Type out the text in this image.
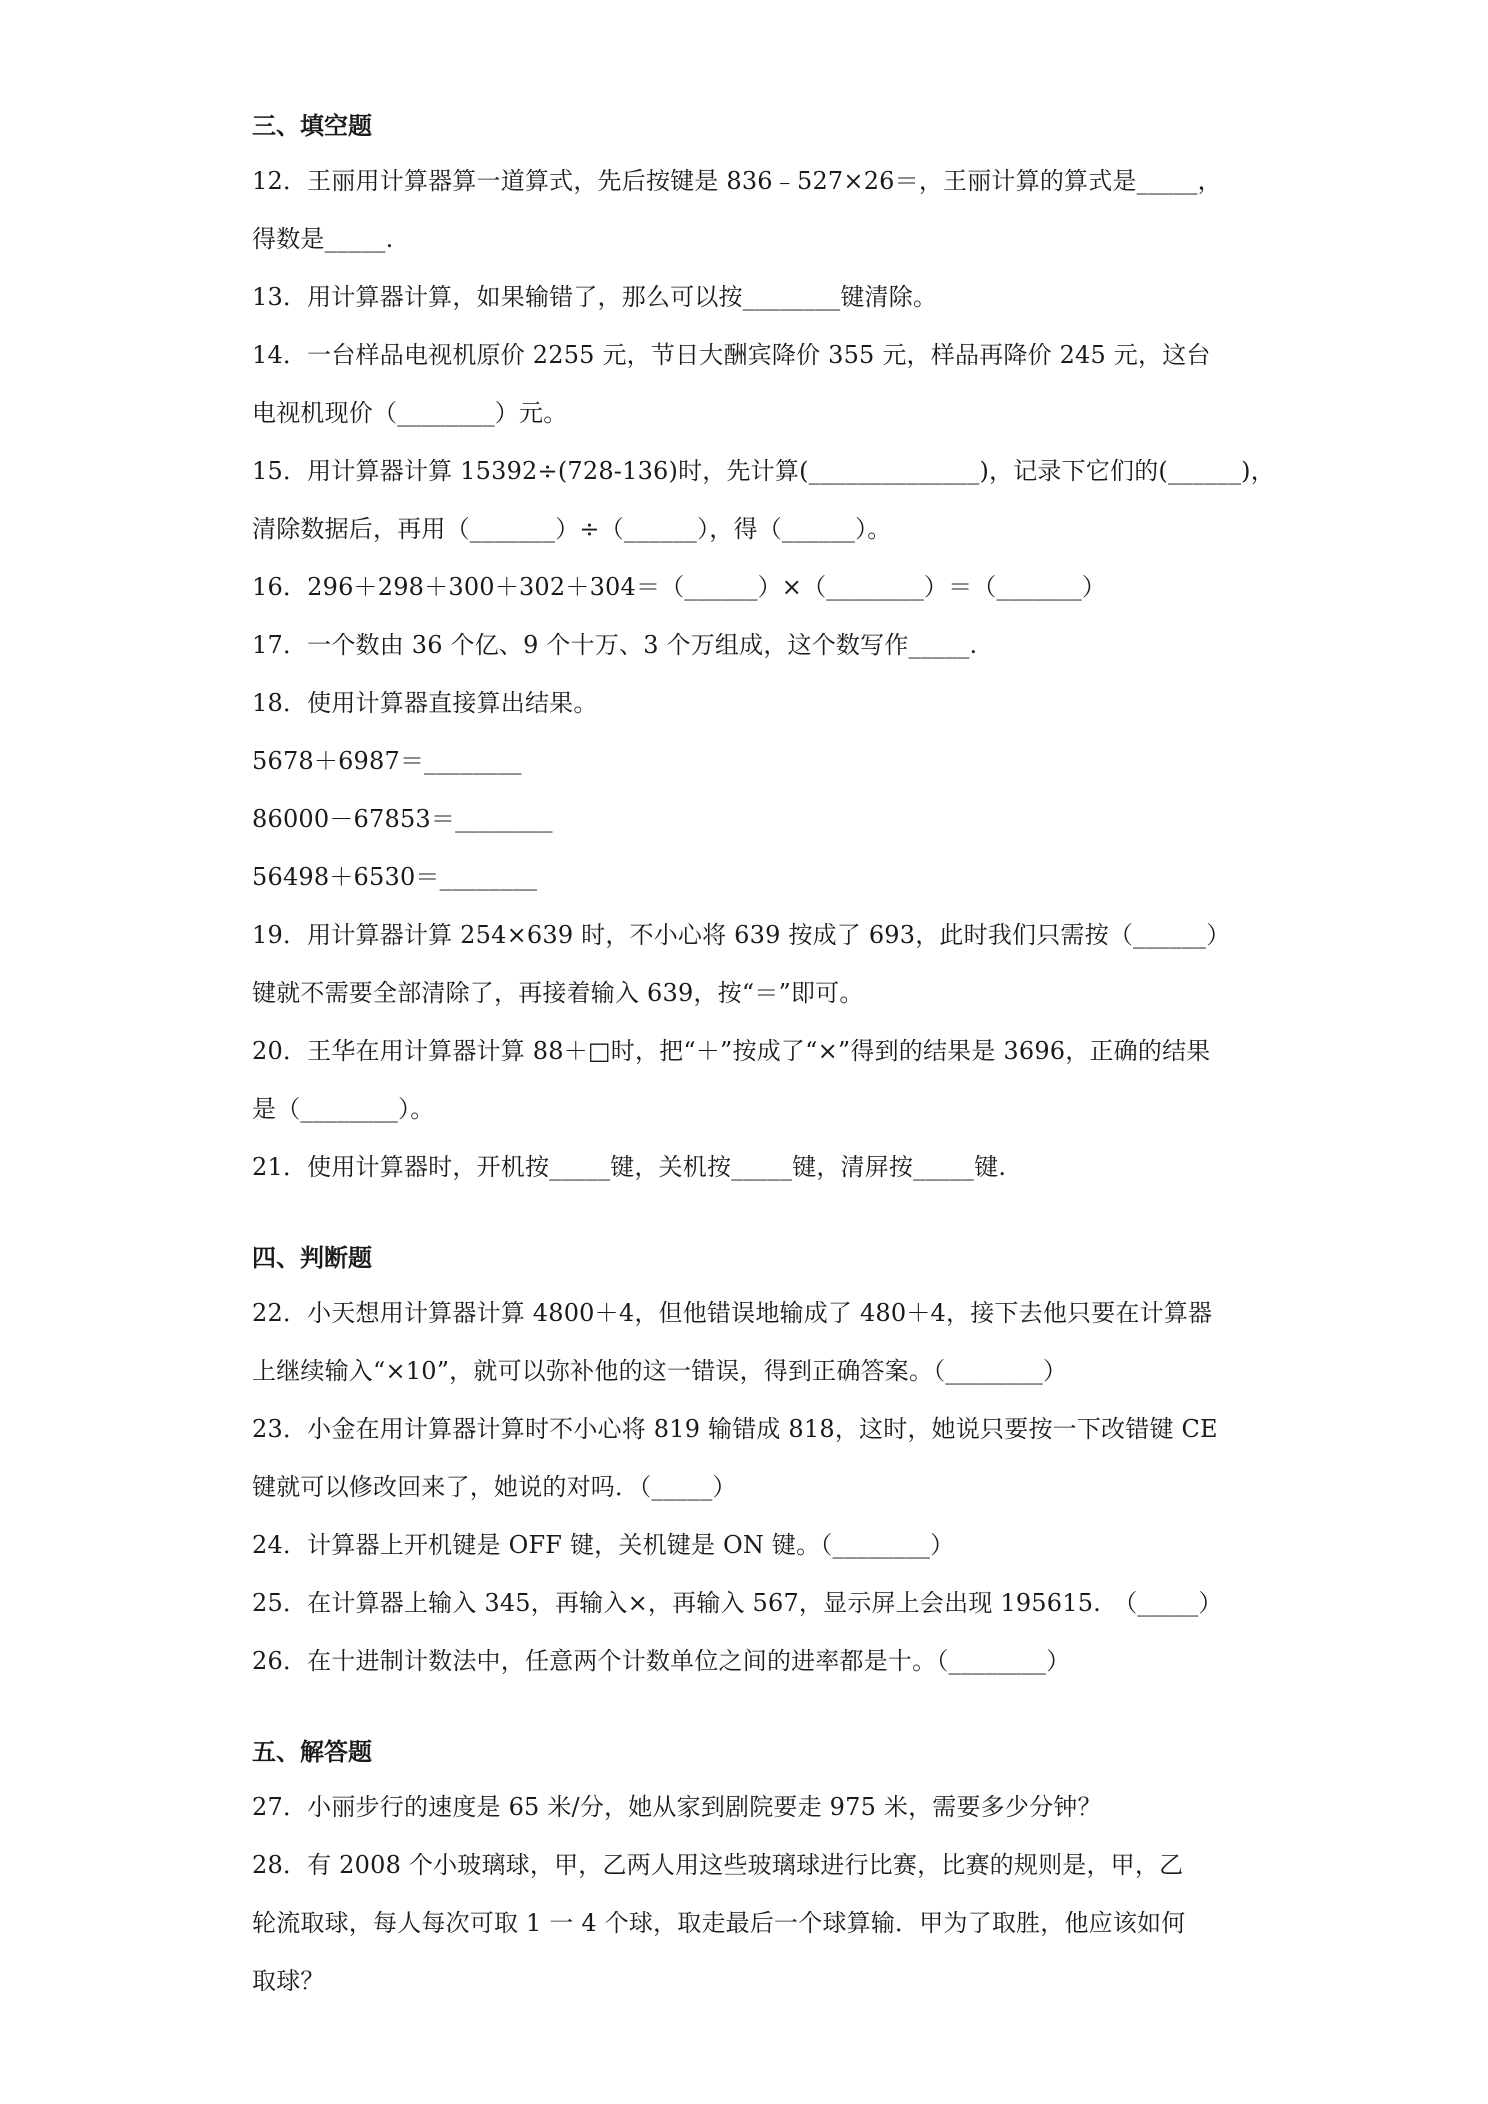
三、填空题
12．王丽用计算器算一道算式，先后按键是 836﹣527×26＝，王丽计算的算式是_____，
得数是_____.
13．用计算器计算，如果输错了，那么可以按________键清除。
14．一台样品电视机原价 2255 元，节日大酬宾降价 355 元，样品再降价 245 元，这台
电视机现价（________）元。
15．用计算器计算 15392÷(728-136)时，先计算(______________)，记录下它们的(______)，
清除数据后，再用（_______）÷（______），得（______）。
16．296＋298＋300＋302＋304＝（______）×（________）＝（_______）
17．一个数由 36 个亿、9 个十万、3 个万组成，这个数写作_____.
18．使用计算器直接算出结果。
5678＋6987＝________
86000－67853＝________
56498＋6530＝________
19．用计算器计算 254×639 时，不小心将 639 按成了 693，此时我们只需按（______）
键就不需要全部清除了，再接着输入 639，按“＝”即可。
20．王华在用计算器计算 88＋□时，把“＋”按成了“×”得到的结果是 3696，正确的结果
是（________）。
21．使用计算器时，开机按_____键，关机按_____键，清屏按_____键.
四、判断题
22．小天想用计算器计算 4800＋4，但他错误地输成了 480＋4，接下去他只要在计算器
上继续输入“×10”，就可以弥补他的这一错误，得到正确答案。（________）
23．小金在用计算器计算时不小心将 819 输错成 818，这时，她说只要按一下改错键 CE
键就可以修改回来了，她说的对吗．（_____）
24．计算器上开机键是 OFF 键，关机键是 ON 键。（________）
25．在计算器上输入 345，再输入×，再输入 567，显示屏上会出现 195615.　（_____）
26．在十进制计数法中，任意两个计数单位之间的进率都是十。（________）
五、解答题
27．小丽步行的速度是 65 米/分，她从家到剧院要走 975 米，需要多少分钟？
28．有 2008 个小玻璃球，甲，乙两人用这些玻璃球进行比赛，比赛的规则是，甲，乙
轮流取球，每人每次可取 1 一 4 个球，取走最后一个球算输．甲为了取胜，他应该如何
取球？
